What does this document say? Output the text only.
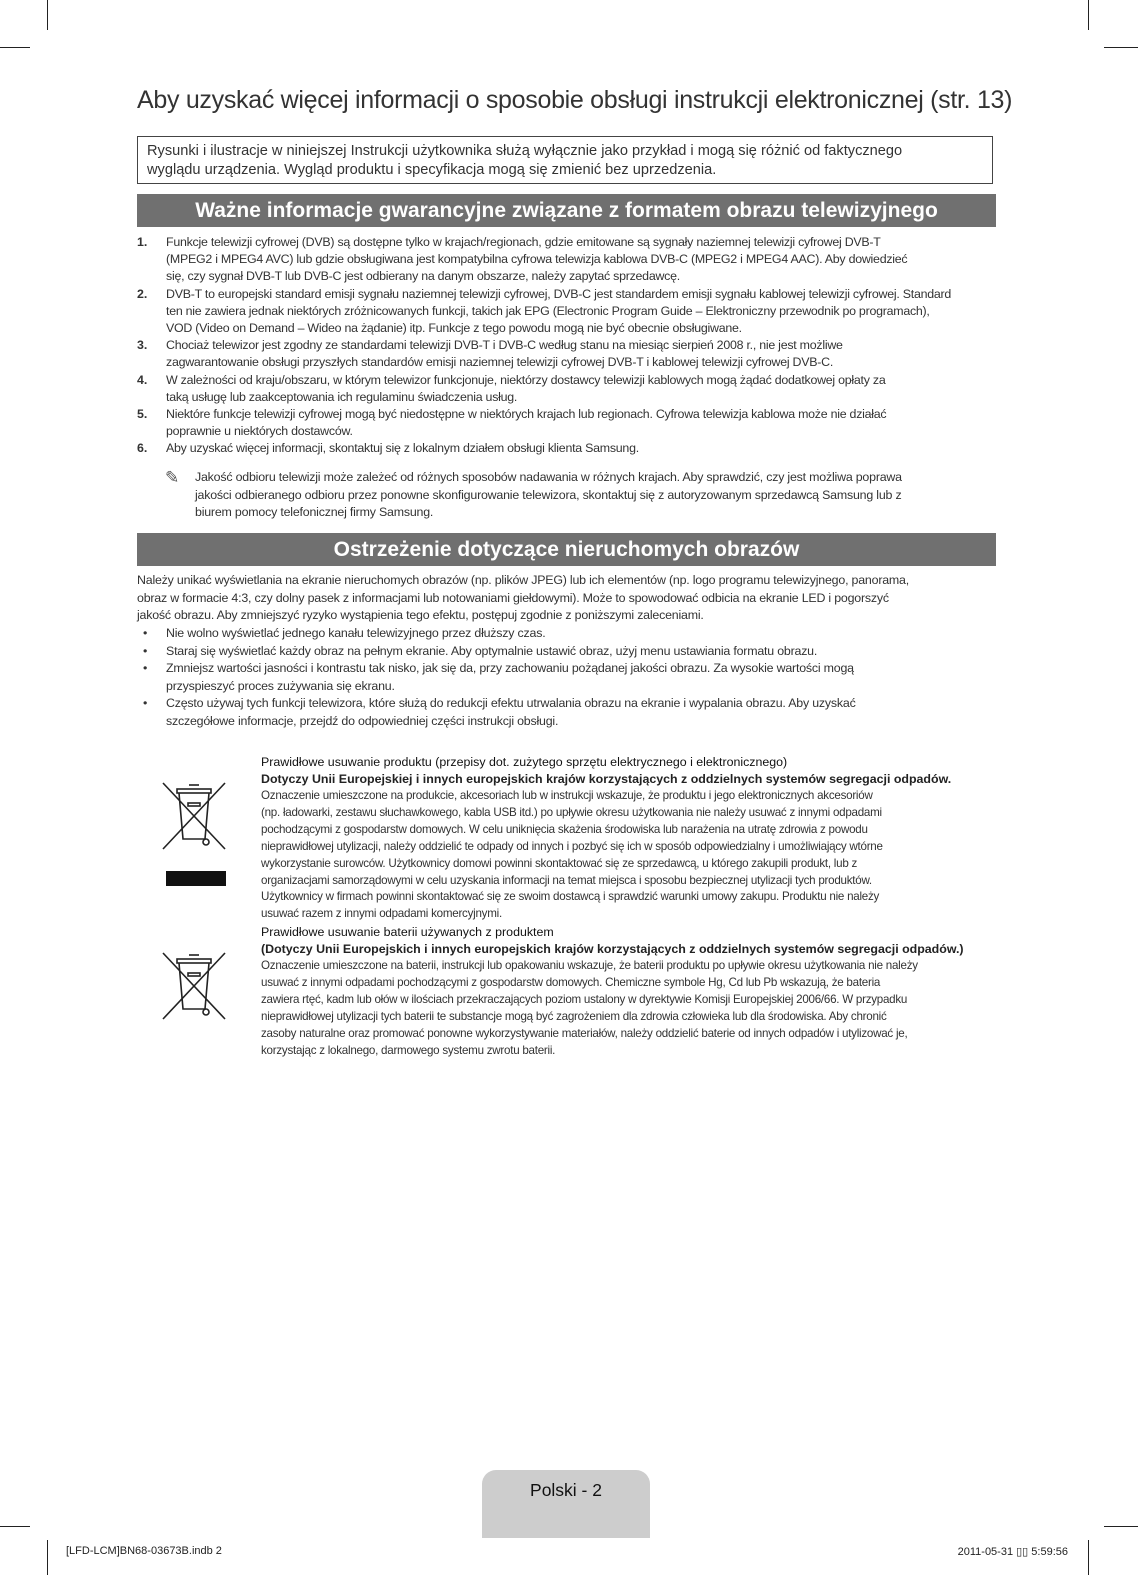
Aby uzyskać więcej informacji o sposobie obsługi instrukcji elektronicznej (str. 13)
Rysunki i ilustracje w niniejszej Instrukcji użytkownika służą wyłącznie jako przykład i mogą się różnić od faktycznego
wyglądu urządzenia. Wygląd produktu i specyfikacja mogą się zmienić bez uprzedzenia.
Ważne informacje gwarancyjne związane z formatem obrazu telewizyjnego
1. Funkcje telewizji cyfrowej (DVB) są dostępne tylko w krajach/regionach, gdzie emitowane są sygnały naziemnej telewizji cyfrowej DVB-T
(MPEG2 i MPEG4 AVC) lub gdzie obsługiwana jest kompatybilna cyfrowa telewizja kablowa DVB-C (MPEG2 i MPEG4 AAC). Aby dowiedzieć
się, czy sygnał DVB-T lub DVB-C jest odbierany na danym obszarze, należy zapytać sprzedawcę.
2. DVB-T to europejski standard emisji sygnału naziemnej telewizji cyfrowej, DVB-C jest standardem emisji sygnału kablowej telewizji cyfrowej. Standard
ten nie zawiera jednak niektórych zróżnicowanych funkcji, takich jak EPG (Electronic Program Guide – Elektroniczny przewodnik po programach),
VOD (Video on Demand – Wideo na żądanie) itp. Funkcje z tego powodu mogą nie być obecnie obsługiwane.
3. Chociaż telewizor jest zgodny ze standardami telewizji DVB-T i DVB-C według stanu na miesiąc sierpień 2008 r., nie jest możliwe
zagwarantowanie obsługi przyszłych standardów emisji naziemnej telewizji cyfrowej DVB-T i kablowej telewizji cyfrowej DVB-C.
4. W zależności od kraju/obszaru, w którym telewizor funkcjonuje, niektórzy dostawcy telewizji kablowych mogą żądać dodatkowej opłaty za
taką usługę lub zaakceptowania ich regulaminu świadczenia usług.
5. Niektóre funkcje telewizji cyfrowej mogą być niedostępne w niektórych krajach lub regionach. Cyfrowa telewizja kablowa może nie działać
poprawnie u niektórych dostawców.
6. Aby uzyskać więcej informacji, skontaktuj się z lokalnym działem obsługi klienta Samsung.
✎	Jakość odbioru telewizji może zależeć od różnych sposobów nadawania w różnych krajach. Aby sprawdzić, czy jest możliwa poprawa
jakości odbieranego odbioru przez ponowne skonfigurowanie telewizora, skontaktuj się z autoryzowanym sprzedawcą Samsung lub z
biurem pomocy telefonicznej firmy Samsung.
Ostrzeżenie dotyczące nieruchomych obrazów
Należy unikać wyświetlania na ekranie nieruchomych obrazów (np. plików JPEG) lub ich elementów (np. logo programu telewizyjnego, panorama,
obraz w formacie 4:3, czy dolny pasek z informacjami lub notowaniami giełdowymi). Może to spowodować odbicia na ekranie LED i pogorszyć
jakość obrazu. Aby zmniejszyć ryzyko wystąpienia tego efektu, postępuj zgodnie z poniższymi zaleceniami.
• Nie wolno wyświetlać jednego kanału telewizyjnego przez dłuższy czas.
• Staraj się wyświetlać każdy obraz na pełnym ekranie. Aby optymalnie ustawić obraz, użyj menu ustawiania formatu obrazu.
• Zmniejsz wartości jasności i kontrastu tak nisko, jak się da, przy zachowaniu pożądanej jakości obrazu. Za wysokie wartości mogą
przyspieszyć proces zużywania się ekranu.
• Często używaj tych funkcji telewizora, które służą do redukcji efektu utrwalania obrazu na ekranie i wypalania obrazu. Aby uzyskać
szczegółowe informacje, przejdź do odpowiedniej części instrukcji obsługi.
Prawidłowe usuwanie produktu (przepisy dot. zużytego sprzętu elektrycznego i elektronicznego)
Dotyczy Unii Europejskiej i innych europejskich krajów korzystających z oddzielnych systemów segregacji odpadów.
Oznaczenie umieszczone na produkcie, akcesoriach lub w instrukcji wskazuje, że produktu i jego elektronicznych akcesoriów
(np. ładowarki, zestawu słuchawkowego, kabla USB itd.) po upływie okresu użytkowania nie należy usuwać z innymi odpadami
pochodzącymi z gospodarstw domowych. W celu uniknięcia skażenia środowiska lub narażenia na utratę zdrowia z powodu
nieprawidłowej utylizacji, należy oddzielić te odpady od innych i pozbyć się ich w sposób odpowiedzialny i umożliwiający wtórne
wykorzystanie surowców. Użytkownicy domowi powinni skontaktować się ze sprzedawcą, u którego zakupili produkt, lub z
organizacjami samorządowymi w celu uzyskania informacji na temat miejsca i sposobu bezpiecznej utylizacji tych produktów.
Użytkownicy w firmach powinni skontaktować się ze swoim dostawcą i sprawdzić warunki umowy zakupu. Produktu nie należy
usuwać razem z innymi odpadami komercyjnymi.
Prawidłowe usuwanie baterii używanych z produktem
(Dotyczy Unii Europejskich i innych europejskich krajów korzystających z oddzielnych systemów segregacji odpadów.)
Oznaczenie umieszczone na baterii, instrukcji lub opakowaniu wskazuje, że baterii produktu po upływie okresu użytkowania nie należy
usuwać z innymi odpadami pochodzącymi z gospodarstw domowych. Chemiczne symbole Hg, Cd lub Pb wskazują, że bateria
zawiera rtęć, kadm lub ołów w ilościach przekraczających poziom ustalony w dyrektywie Komisji Europejskiej 2006/66. W przypadku
nieprawidłowej utylizacji tych baterii te substancje mogą być zagrożeniem dla zdrowia człowieka lub dla środowiska. Aby chronić
zasoby naturalne oraz promować ponowne wykorzystywanie materiałów, należy oddzielić baterie od innych odpadów i utylizować je,
korzystając z lokalnego, darmowego systemu zwrotu baterii.
Polski - 2
[LFD-LCM]BN68-03673B.indb 2	2011-05-31 ▯▯ 5:59:56
